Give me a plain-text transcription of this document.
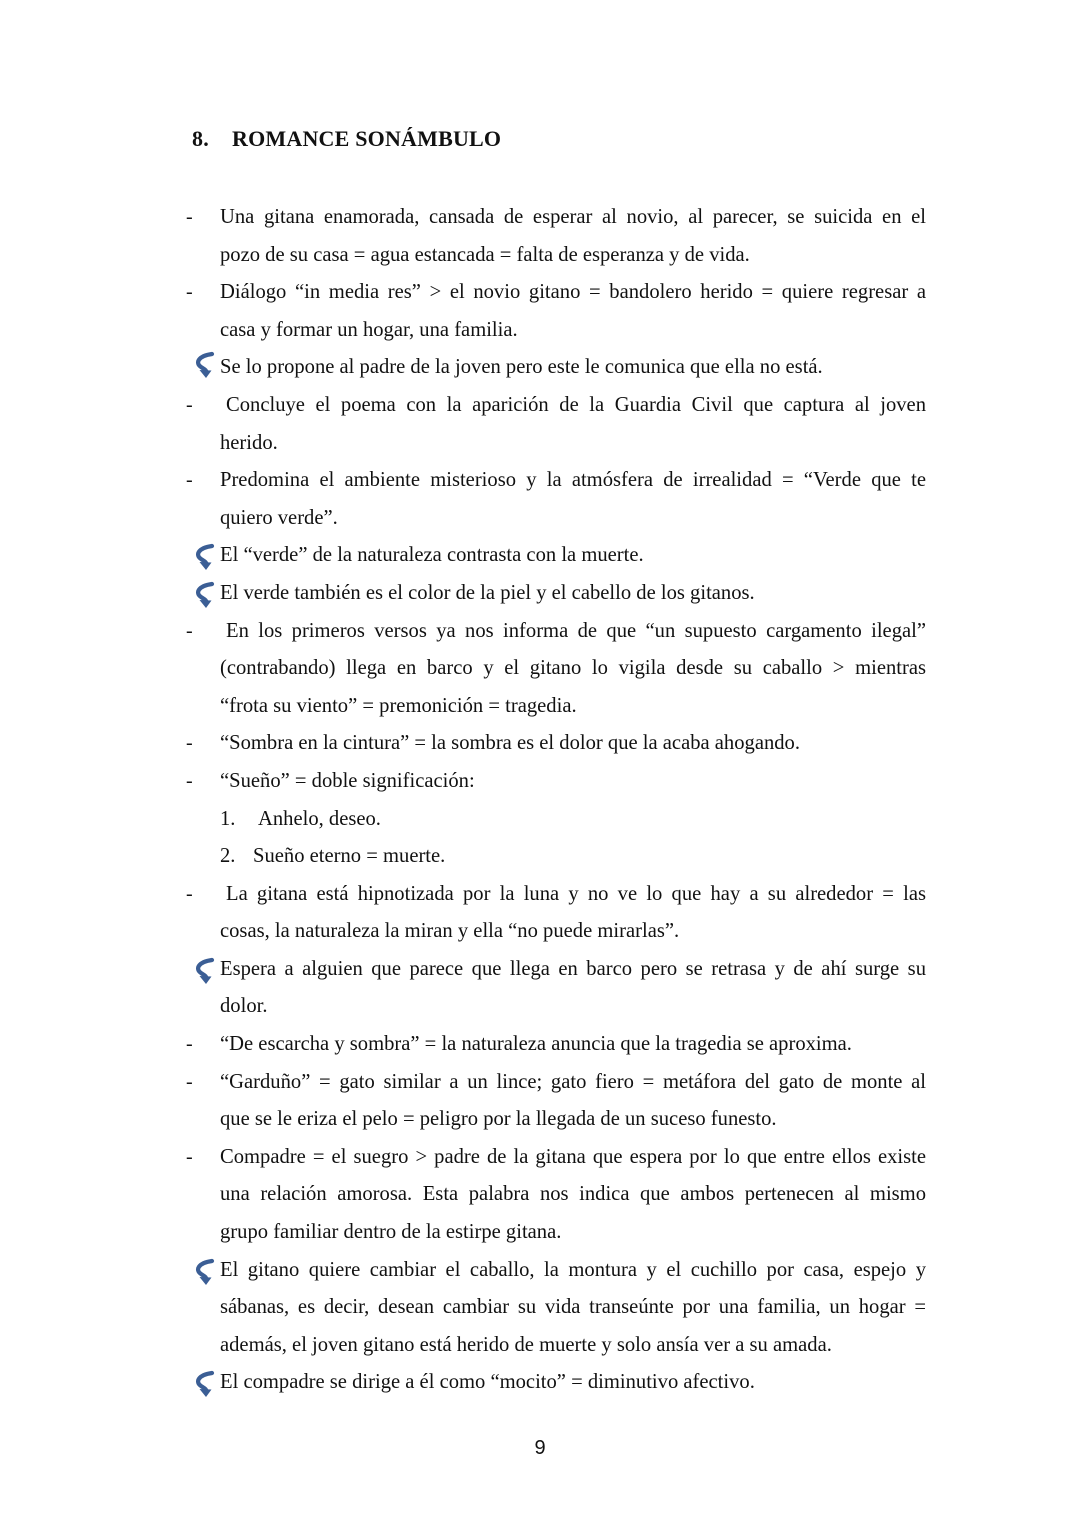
8. ROMANCE SONÁMBULO
- Una gitana enamorada, cansada de esperar al novio, al parecer, se suicida en el
pozo de su casa = agua estancada = falta de esperanza y de vida.
- Diálogo “in media res” > el novio gitano = bandolero herido = quiere regresar a
casa y formar un hogar, una familia.
Se lo propone al padre de la joven pero este le comunica que ella no está.
- Concluye el poema con la aparición de la Guardia Civil que captura al joven
herido.
- Predomina el ambiente misterioso y la atmósfera de irrealidad = “Verde que te
quiero verde”.
El “verde” de la naturaleza contrasta con la muerte.
El verde también es el color de la piel y el cabello de los gitanos.
- En los primeros versos ya nos informa de que “un supuesto cargamento ilegal”
(contrabando) llega en barco y el gitano lo vigila desde su caballo > mientras
“frota su viento” = premonición = tragedia.
- “Sombra en la cintura” = la sombra es el dolor que la acaba ahogando.
- “Sueño” = doble significación:
1. Anhelo, deseo.
2. Sueño eterno = muerte.
- La gitana está hipnotizada por la luna y no ve lo que hay a su alrededor = las
cosas, la naturaleza la miran y ella “no puede mirarlas”.
Espera a alguien que parece que llega en barco pero se retrasa y de ahí surge su
dolor.
- “De escarcha y sombra” = la naturaleza anuncia que la tragedia se aproxima.
- “Garduño” = gato similar a un lince; gato fiero = metáfora del gato de monte al
que se le eriza el pelo = peligro por la llegada de un suceso funesto.
- Compadre = el suegro > padre de la gitana que espera por lo que entre ellos existe
una relación amorosa. Esta palabra nos indica que ambos pertenecen al mismo
grupo familiar dentro de la estirpe gitana.
El gitano quiere cambiar el caballo, la montura y el cuchillo por casa, espejo y
sábanas, es decir, desean cambiar su vida transeúnte por una familia, un hogar =
además, el joven gitano está herido de muerte y solo ansía ver a su amada.
El compadre se dirige a él como “mocito” = diminutivo afectivo.
9
